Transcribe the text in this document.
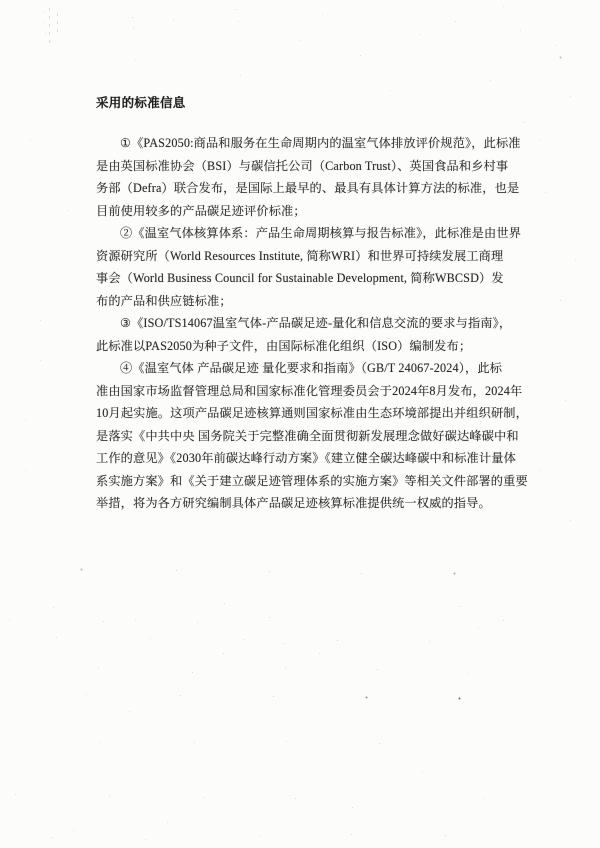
采用的标准信息
①《PAS2050:商品和服务在生命周期内的温室气体排放评价规范》，此标准
是由英国标准协会（BSI）与碳信托公司（Carbon Trust）、英国食品和乡村事
务部（Defra）联合发布，是国际上最早的、最具有具体计算方法的标准，也是
目前使用较多的产品碳足迹评价标准；
②《温室气体核算体系：产品生命周期核算与报告标准》，此标准是由世界
资源研究所（World Resources Institute, 简称WRI）和世界可持续发展工商理
事会（World Business Council for Sustainable Development, 简称WBCSD）发
布的产品和供应链标准；
③《ISO/TS14067温室气体-产品碳足迹-量化和信息交流的要求与指南》，
此标准以PAS2050为种子文件，由国际标准化组织（ISO）编制发布；
④《温室气体 产品碳足迹 量化要求和指南》（GB/T 24067-2024），此标
准由国家市场监督管理总局和国家标准化管理委员会于2024年8月发布，2024年
10月起实施。这项产品碳足迹核算通则国家标准由生态环境部提出并组织研制，
是落实《中共中央 国务院关于完整准确全面贯彻新发展理念做好碳达峰碳中和
工作的意见》《2030年前碳达峰行动方案》《建立健全碳达峰碳中和标准计量体
系实施方案》和《关于建立碳足迹管理体系的实施方案》等相关文件部署的重要
举措，将为各方研究编制具体产品碳足迹核算标准提供统一权威的指导。
